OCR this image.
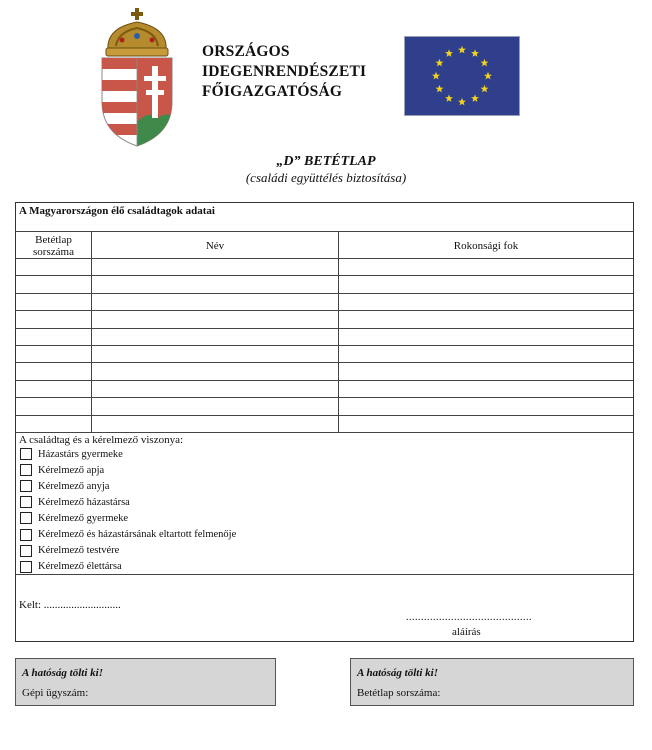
ORSZÁGOS
IDEGENRENDÉSZETI
FŐIGAZGATÓSÁG
„D” BETÉTLAP
(családi együttélés biztosítása)
A Magyarországon élő családtagok adatai
Betétlap
sorszáma	Név	Rokonsági fok
A családtag és a kérelmező viszonya:
Házastárs gyermeke
Kérelmező apja
Kérelmező anyja
Kérelmező házastársa
Kérelmező gyermeke
Kérelmező és házastársának eltartott felmenője
Kérelmező testvére
Kérelmező élettársa
Kelt: ............................
..........................................
aláírás
A hatóság tölti ki!
Gépi ügyszám:
A hatóság tölti ki!
Betétlap sorszáma:
